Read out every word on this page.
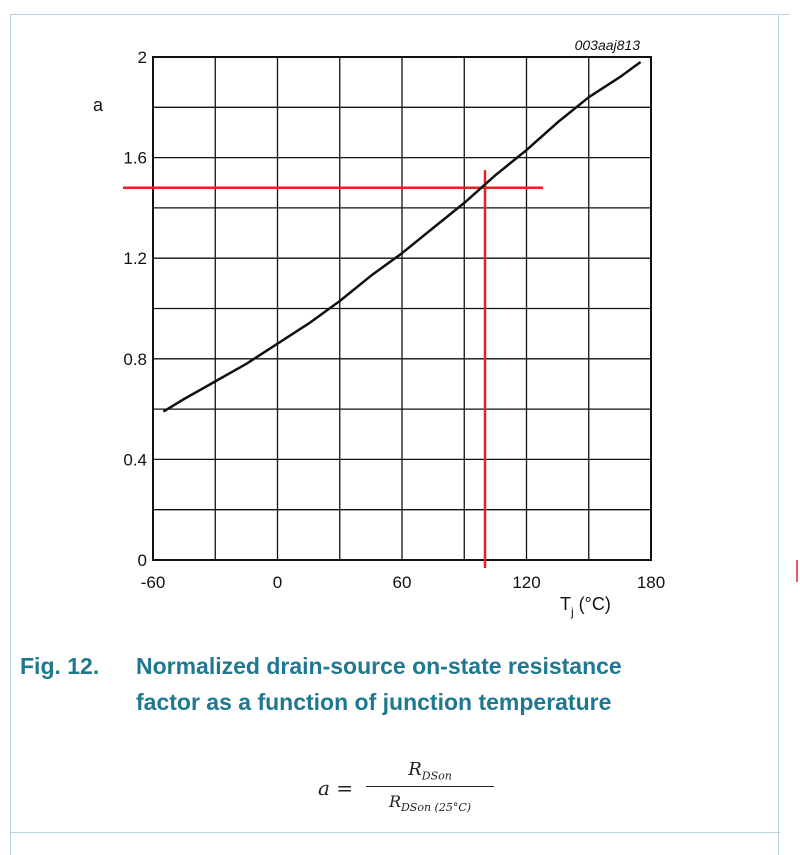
-60	0	60	120	180
0
0.4
0.8
1.2
1.6
2
003aaj813
a
$T_j$ (°C)
Fig. 12. Normalized drain-source on-state resistance
factor as a function of junction temperature
a =
$R_{DSon}$
$R_{DSon (25^\circ C)}$
